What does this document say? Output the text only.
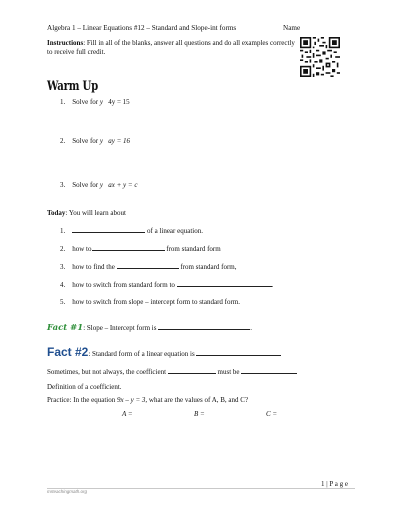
Algebra 1 – Linear Equations #12 – Standard and Slope-int forms	Name
Instructions: Fill in all of the blanks, answer all questions and do all examples correctly to receive full credit.
Warm Up
1. Solve for y 4y = 15
2. Solve for y ay = 16
3. Solve for y ax + y = c
Today: You will learn about
1.	of a linear equation.
2. how to	from standard form
3. how to find the	from standard form,
4. how to switch from standard form to	.
5. how to switch from slope – intercept form to standard form.
Fact #1: Slope – Intercept form is	.
Fact #2: Standard form of a linear equation is
Sometimes, but not always, the coefficient	must be
Definition of a coefficient.
Practice: In the equation 9x – y = 3, what are the values of A, B, and C?
A =	B =	C =
1 | P a g e
mrteachingmath.org
